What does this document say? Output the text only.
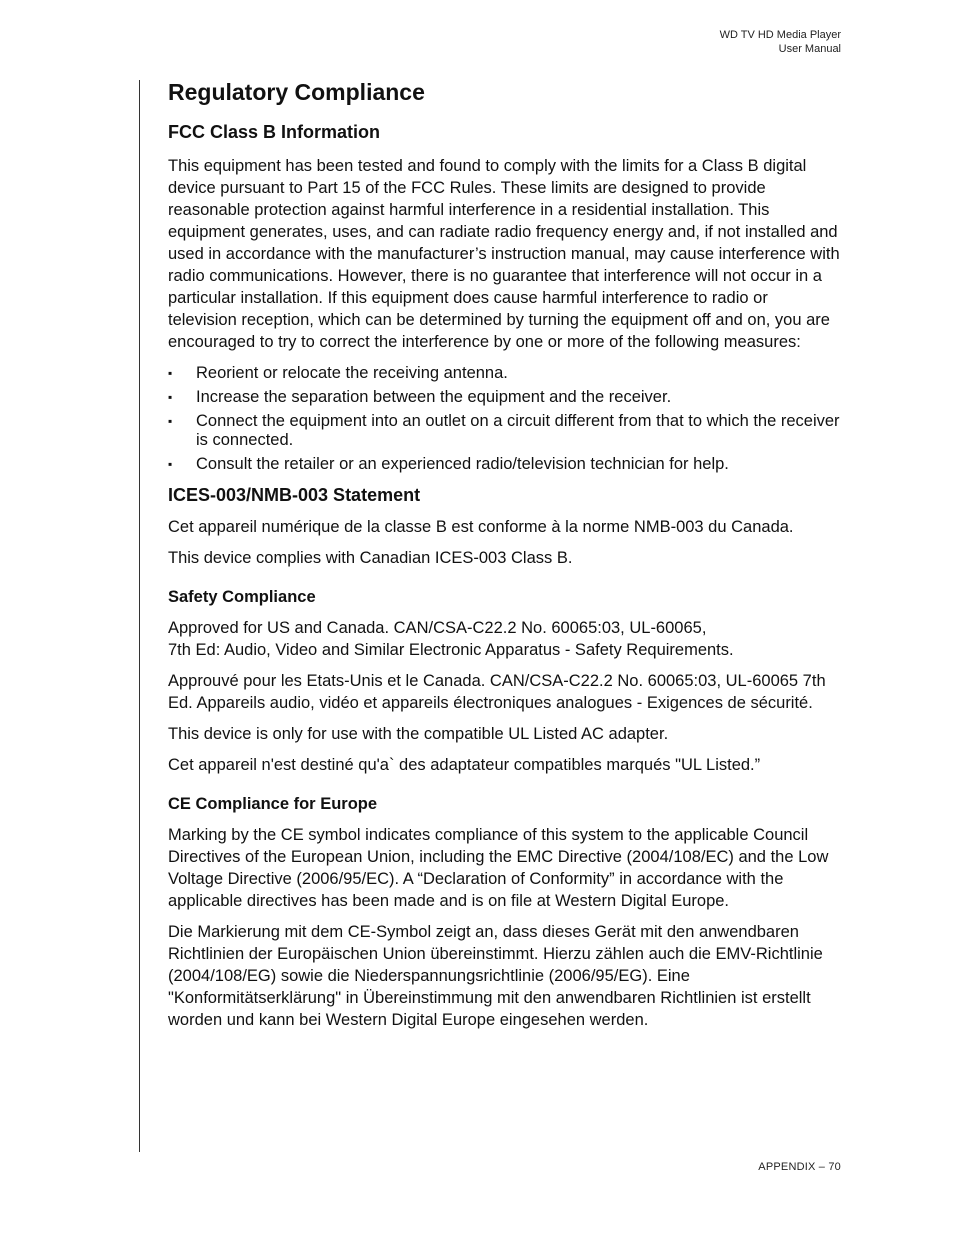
WD TV HD Media Player
User Manual
Regulatory Compliance
FCC Class B Information

This equipment has been tested and found to comply with the limits for a Class B digital device pursuant to Part 15 of the FCC Rules. These limits are designed to provide reasonable protection against harmful interference in a residential installation. This equipment generates, uses, and can radiate radio frequency energy and, if not installed and used in accordance with the manufacturer’s instruction manual, may cause interference with radio communications. However, there is no guarantee that interference will not occur in a particular installation. If this equipment does cause harmful interference to radio or television reception, which can be determined by turning the equipment off and on, you are encouraged to try to correct the interference by one or more of the following measures:

▪ Reorient or relocate the receiving antenna.
▪ Increase the separation between the equipment and the receiver.
▪ Connect the equipment into an outlet on a circuit different from that to which the receiver is connected.
▪ Consult the retailer or an experienced radio/television technician for help.
ICES-003/NMB-003 Statement

Cet appareil numérique de la classe B est conforme à la norme NMB-003 du Canada.

This device complies with Canadian ICES-003 Class B.

Safety Compliance

Approved for US and Canada. CAN/CSA-C22.2 No. 60065:03, UL-60065,
7th Ed: Audio, Video and Similar Electronic Apparatus - Safety Requirements.

Approuvé pour les Etats-Unis et le Canada. CAN/CSA-C22.2 No. 60065:03, UL-60065 7th Ed. Appareils audio, vidéo et appareils électroniques analogues - Exigences de sécurité.

This device is only for use with the compatible UL Listed AC adapter.

Cet appareil n'est destiné qu'a` des adaptateur compatibles marqués "UL Listed.”

CE Compliance for Europe

Marking by the CE symbol indicates compliance of this system to the applicable Council Directives of the European Union, including the EMC Directive (2004/108/EC) and the Low Voltage Directive (2006/95/EC). A “Declaration of Conformity” in accordance with the applicable directives has been made and is on file at Western Digital Europe.

Die Markierung mit dem CE-Symbol zeigt an, dass dieses Gerät mit den anwendbaren Richtlinien der Europäischen Union übereinstimmt. Hierzu zählen auch die EMV-Richtlinie (2004/108/EG) sowie die Niederspannungsrichtlinie (2006/95/EG). Eine "Konformitätserklärung" in Übereinstimmung mit den anwendbaren Richtlinien ist erstellt worden und kann bei Western Digital Europe eingesehen werden.

APPENDIX – 70
